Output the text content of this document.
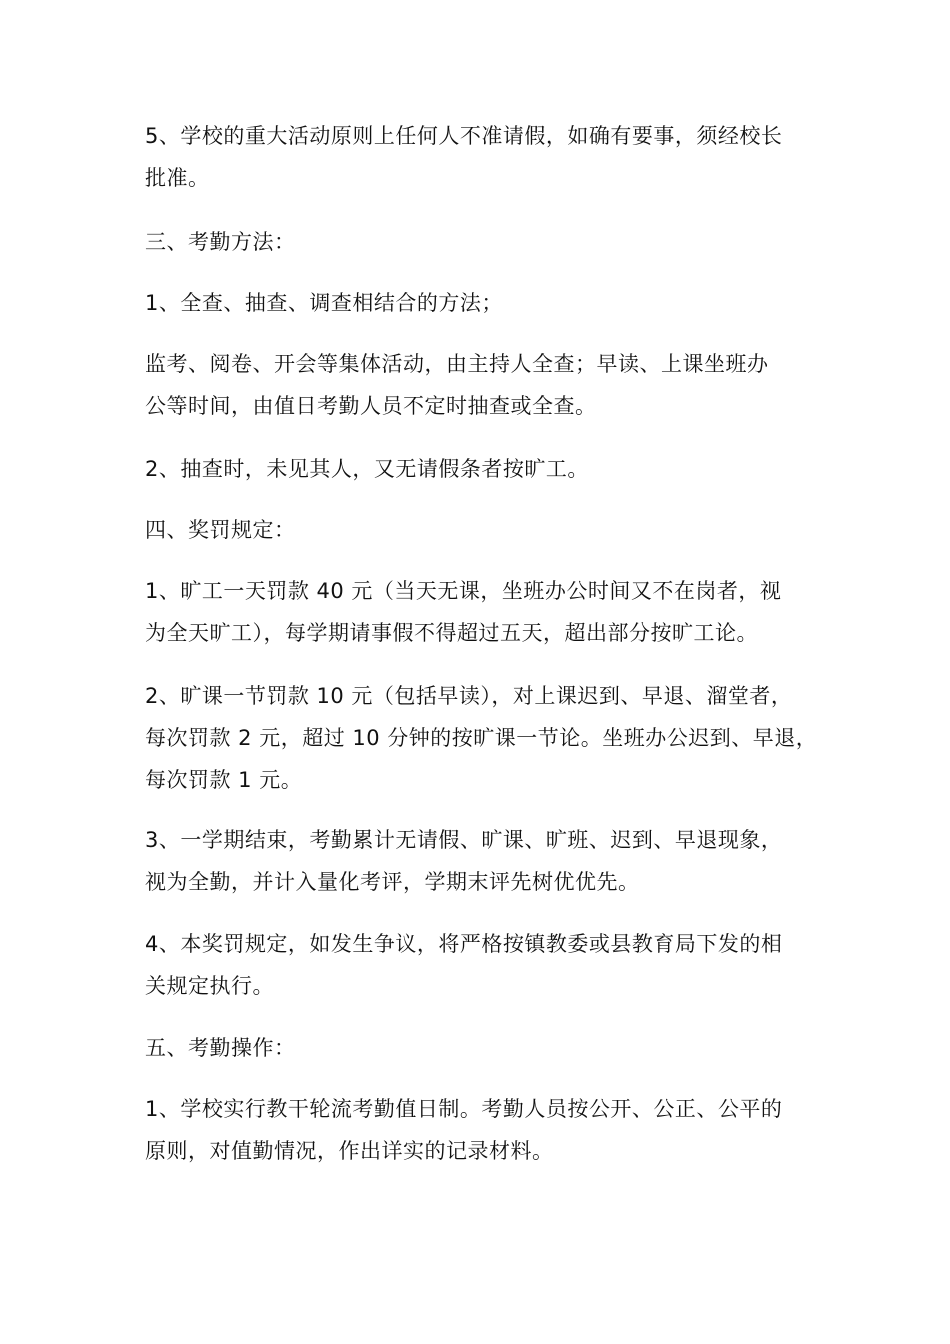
5、学校的重大活动原则上任何人不准请假，如确有要事，须经校长
批准。
三、考勤方法：
1、全查、抽查、调查相结合的方法；
监考、阅卷、开会等集体活动，由主持人全查；早读、上课坐班办
公等时间，由值日考勤人员不定时抽查或全查。
2、抽查时，未见其人，又无请假条者按旷工。
四、奖罚规定：
1、旷工一天罚款 40 元（当天无课，坐班办公时间又不在岗者，视
为全天旷工），每学期请事假不得超过五天，超出部分按旷工论。
2、旷课一节罚款 10 元（包括早读），对上课迟到、早退、溜堂者，
每次罚款 2 元，超过 10 分钟的按旷课一节论。坐班办公迟到、早退，
每次罚款 1 元。
3、一学期结束，考勤累计无请假、旷课、旷班、迟到、早退现象，
视为全勤，并计入量化考评，学期末评先树优优先。
4、本奖罚规定，如发生争议，将严格按镇教委或县教育局下发的相
关规定执行。
五、考勤操作：
1、学校实行教干轮流考勤值日制。考勤人员按公开、公正、公平的
原则，对值勤情况，作出详实的记录材料。
